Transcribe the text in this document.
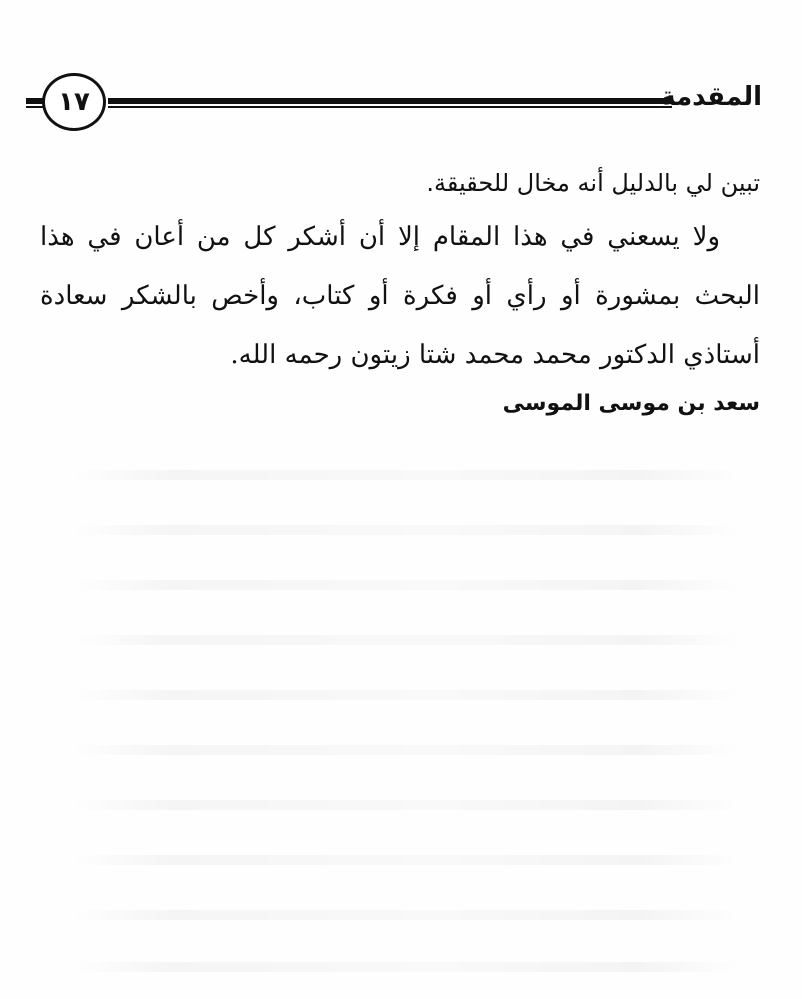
١٧	المقدمة
تبين لي بالدليل أنه مخال للحقيقة.
ولا يسعني في هذا المقام إلا أن أشكر كل من أعان في هذا
البحث بمشورة أو رأي أو فكرة أو كتاب، وأخص بالشكر سعادة
أستاذي الدكتور محمد محمد شتا زيتون رحمه الله.
سعد بن موسى الموسى
